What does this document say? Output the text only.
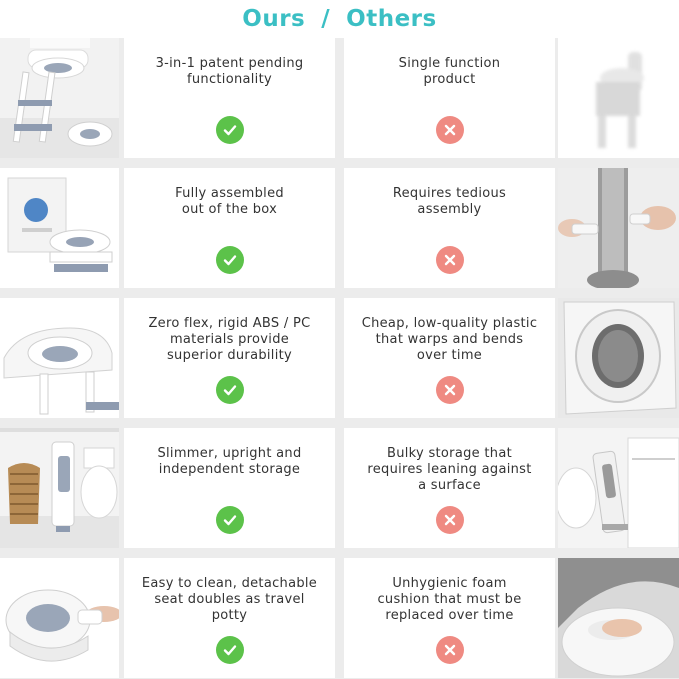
Ours / Others
3-in-1 patent pending
functionality
Single function
product
Fully assembled
out of the box
Requires tedious
assembly
Zero flex, rigid ABS / PC
materials provide
superior durability
Cheap, low-quality plastic
that warps and bends
over time
Slimmer, upright and
independent storage
Bulky storage that
requires leaning against
a surface
Easy to clean, detachable
seat doubles as travel
potty
Unhygienic foam
cushion that must be
replaced over time
